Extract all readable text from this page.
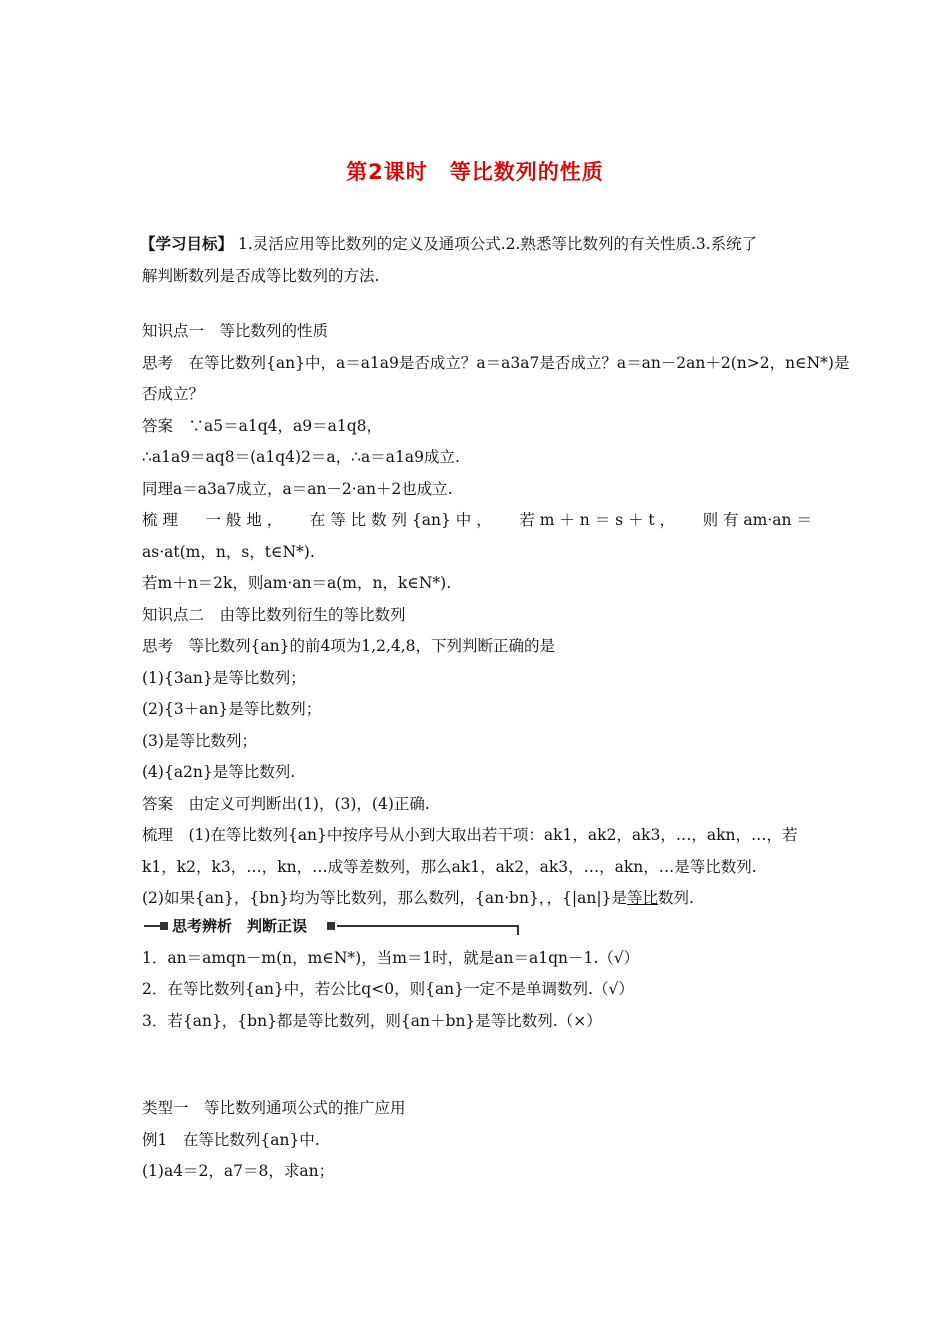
第2课时　等比数列的性质
【学习目标】 1.灵活应用等比数列的定义及通项公式.2.熟悉等比数列的有关性质.3.系统了
解判断数列是否成等比数列的方法.
知识点一　等比数列的性质
思考　在等比数列{an}中，a＝a1a9是否成立？a＝a3a7是否成立？a＝an－2an＋2(n>2，n∈N*)是
否成立？
答案　∵a5＝a1q4，a9＝a1q8，
∴a1a9＝aq8＝(a1q4)2＝a，∴a＝a1a9成立.
同理a＝a3a7成立，a＝an－2·an＋2也成立.
梳 理 一 般 地 ， 在 等 比 数 列 {an} 中 ， 若 m ＋ n ＝ s ＋ t ， 则 有 am·an ＝
as·at(m，n，s，t∈N*).
若m＋n＝2k，则am·an＝a(m，n，k∈N*).
知识点二　由等比数列衍生的等比数列
思考　等比数列{an}的前4项为1,2,4,8，下列判断正确的是
(1){3an}是等比数列；
(2){3＋an}是等比数列；
(3)是等比数列；
(4){a2n}是等比数列.
答案　由定义可判断出(1)，(3)，(4)正确.
梳理　(1)在等比数列{an}中按序号从小到大取出若干项：ak1，ak2，ak3，…，akn，…，若
k1，k2，k3，…，kn，…成等差数列，那么ak1，ak2，ak3，…，akn，…是等比数列.
(2)如果{an}，{bn}均为等比数列，那么数列，{an·bn}，，{|an|}是等比数列.
思考辨析　判断正误
1．an＝amqn－m(n，m∈N*)，当m＝1时，就是an＝a1qn－1.（√）
2．在等比数列{an}中，若公比q<0，则{an}一定不是单调数列.（√）
3．若{an}，{bn}都是等比数列，则{an＋bn}是等比数列.（×）
类型一　等比数列通项公式的推广应用
例1　在等比数列{an}中.
(1)a4＝2，a7＝8，求an；
